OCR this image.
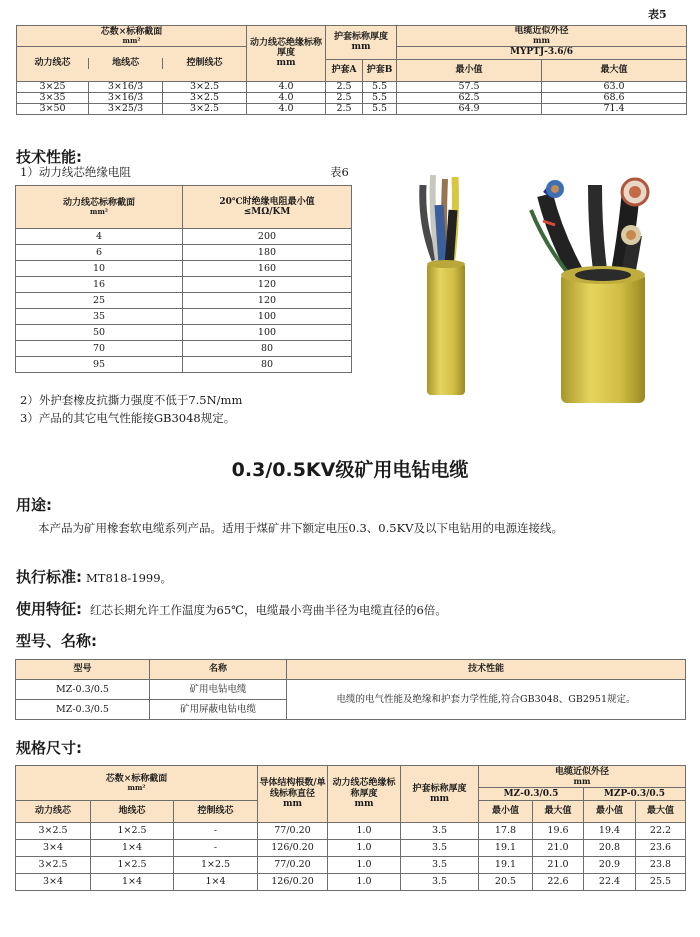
表5
芯数×标称截面
mm²			动力线芯绝缘标称厚度
mm	护套标称厚度
mm		电缆近似外径
mm	

动力线芯 地线芯 控制线芯						MYPTJ-3.6/6	
				护套A	护套B	最小值	最大值
3×25	3×16/3	3×2.5	4.0	2.5	5.5	57.5	63.0
3×35	3×16/3	3×2.5	4.0	2.5	5.5	62.5	68.6
3×50	3×25/3	3×2.5	4.0	2.5	5.5	64.9	71.4
技术性能:
1）动力线芯绝缘电阻	表6
动力线芯标称截面
mm²	20℃时绝缘电阻最小值
≤MΩ/KM

4	200
6	180
10	160
16	120
25	120
35	100
50	100
70	80
95	80
2）外护套橡皮抗撕力强度不低于7.5N/mm
3）产品的其它电气性能接GB3048规定。
0.3/0.5KV级矿用电钻电缆
用途:
本产品为矿用橡套软电缆系列产品。适用于煤矿井下额定电压0.3、0.5KV及以下电钻用的电源连接线。
执行标准: MT818-1999。
使用特征: 红芯长期允许工作温度为65℃，电缆最小弯曲半径为电缆直径的6倍。
型号、名称:
型号	名称	技术性能
MZ-0.3/0.5	矿用电钻电缆	电缆的电气性能及绝缘和护套力学性能,符合GB3048、GB2951规定。
MZ-0.3/0.5	矿用屏蔽电钻电缆	
规格尺寸:
芯数×标称截面
mm²			导体结构根数/单线标称直径
mm	动力线芯绝缘标称厚度
mm	护套标称厚度
mm	电缆近似外径
mm			

						MZ-0.3/0.5		MZP-0.3/0.5	
动力线芯	地线芯	控制线芯				最小值	最大值	最小值	最大值
3×2.5	1×2.5	-	77/0.20	1.0	3.5	17.8	19.6	19.4	22.2
3×4	1×4	-	126/0.20	1.0	3.5	19.1	21.0	20.8	23.6
3×2.5	1×2.5	1×2.5	77/0.20	1.0	3.5	19.1	21.0	20.9	23.8
3×4	1×4	1×4	126/0.20	1.0	3.5	20.5	22.6	22.4	25.5
